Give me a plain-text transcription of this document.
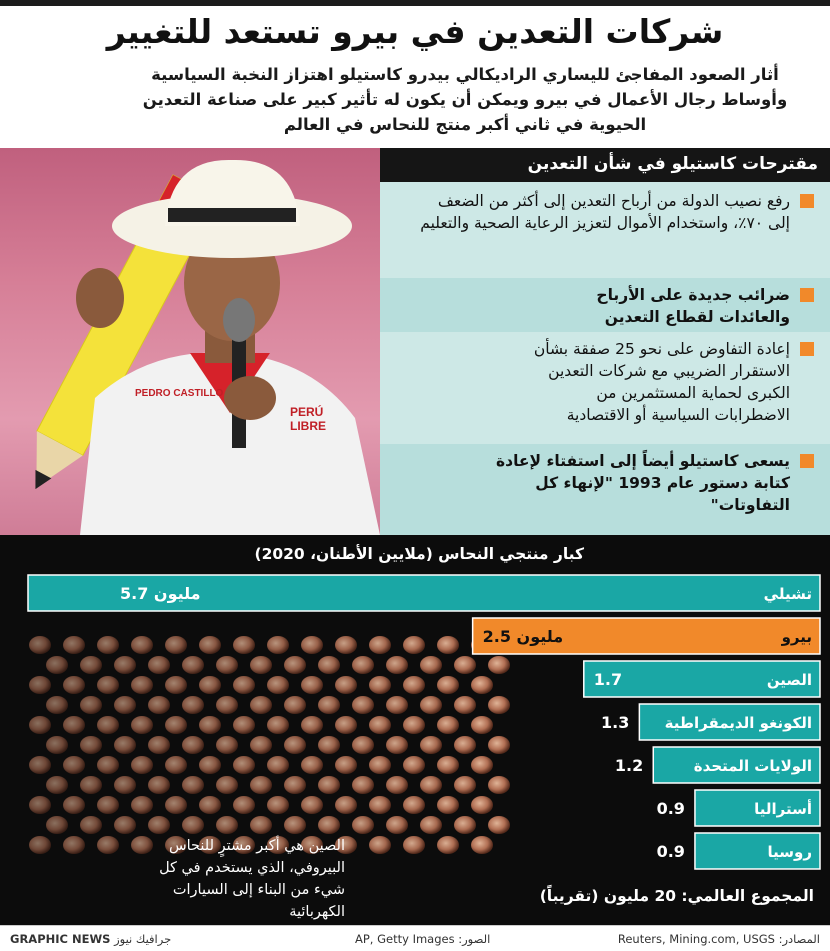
شركات التعدين في بيرو تستعد للتغيير

أثار الصعود المفاجئ لليساري الراديكالي بيدرو كاستيلو اهتزاز النخبة السياسية وأوساط رجال الأعمال في بيرو ويمكن أن يكون له تأثير كبير على صناعة التعدين الحيوية في ثاني أكبر منتج للنحاس في العالم

PEDRO CASTILLO
PERÚ
LIBRE
مقترحات كاستيلو في شأن التعدين

رفع نصيب الدولة من أرباح التعدين إلى أكثر من الضعف إلى ٧٠٪، واستخدام الأموال لتعزيز الرعاية الصحية والتعليم

ضرائب جديدة على الأرباح والعائدات لقطاع التعدين

إعادة التفاوض على نحو 25 صفقة بشأن الاستقرار الضريبي مع شركات التعدين الكبرى لحماية المستثمرين من الاضطرابات السياسية أو الاقتصادية

يسعى كاستيلو أيضاً إلى استفتاء لإعادة كتابة دستور عام 1993 "لإنهاء كل التفاوتات"

كبار منتجي النحاس (ملايين الأطنان، 2020)
تشيلي
5.7 مليون
بيرو
2.5 مليون
الصين
1.7
الكونغو الديمقراطية
1.3
الولايات المتحدة
1.2
أستراليا
0.9
روسيا
0.9

الصين هي أكبر مشترٍ للنحاس البيروفي، الذي يستخدم في كل شيء من البناء إلى السيارات الكهربائية

المجموع العالمي: 20 مليون (تقريباً)
المصادر: Reuters, Mining.com, USGS
الصور: AP, Getty Images
GRAPHIC NEWS جرافيك نيوز
